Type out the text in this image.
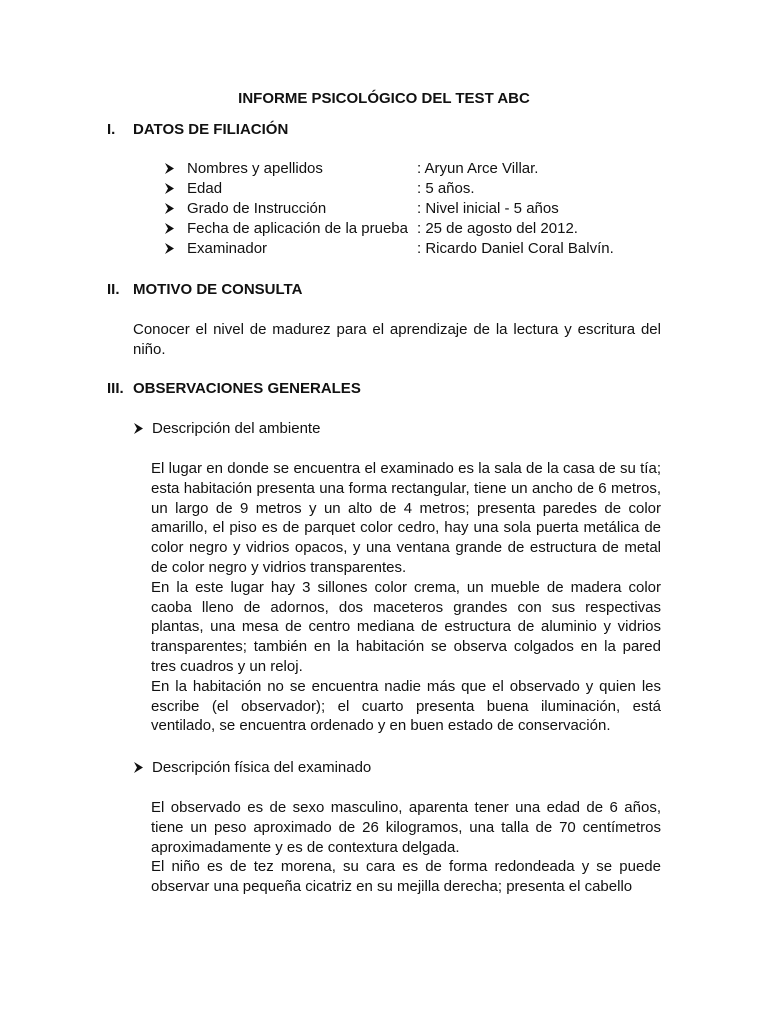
INFORME PSICOLÓGICO DEL TEST ABC
I. DATOS DE FILIACIÓN
Nombres y apellidos	: Aryun Arce Villar.
Edad	: 5 años.
Grado de Instrucción	: Nivel inicial - 5 años
Fecha de aplicación de la prueba : 25 de agosto del 2012.
Examinador	: Ricardo Daniel Coral Balvín.
II. MOTIVO DE CONSULTA

Conocer el nivel de madurez para el aprendizaje de la lectura y escritura del niño.

III. OBSERVACIONES GENERALES
Descripción del ambiente

El lugar en donde se encuentra el examinado es la sala de la casa de su tía; esta habitación presenta una forma rectangular, tiene un ancho de 6 metros, un largo de 9 metros y un alto de 4 metros; presenta paredes de color amarillo, el piso es de parquet color cedro, hay una sola puerta metálica de color negro y vidrios opacos, y una ventana grande de estructura de metal de color negro y vidrios transparentes.

En la este lugar hay 3 sillones color crema, un mueble de madera color caoba lleno de adornos, dos maceteros grandes con sus respectivas plantas, una mesa de centro mediana de estructura de aluminio y vidrios transparentes; también en la habitación se observa colgados en la pared tres cuadros y un reloj.

En la habitación no se encuentra nadie más que el observado y quien les escribe (el observador); el cuarto presenta buena iluminación, está ventilado, se encuentra ordenado y en buen estado de conservación.

Descripción física del examinado

El observado es de sexo masculino, aparenta tener una edad de 6 años, tiene un peso aproximado de 26 kilogramos, una talla de 70 centímetros aproximadamente y es de contextura delgada.

El niño es de tez morena, su cara es de forma redondeada y se puede observar una pequeña cicatriz en su mejilla derecha; presenta el cabello
